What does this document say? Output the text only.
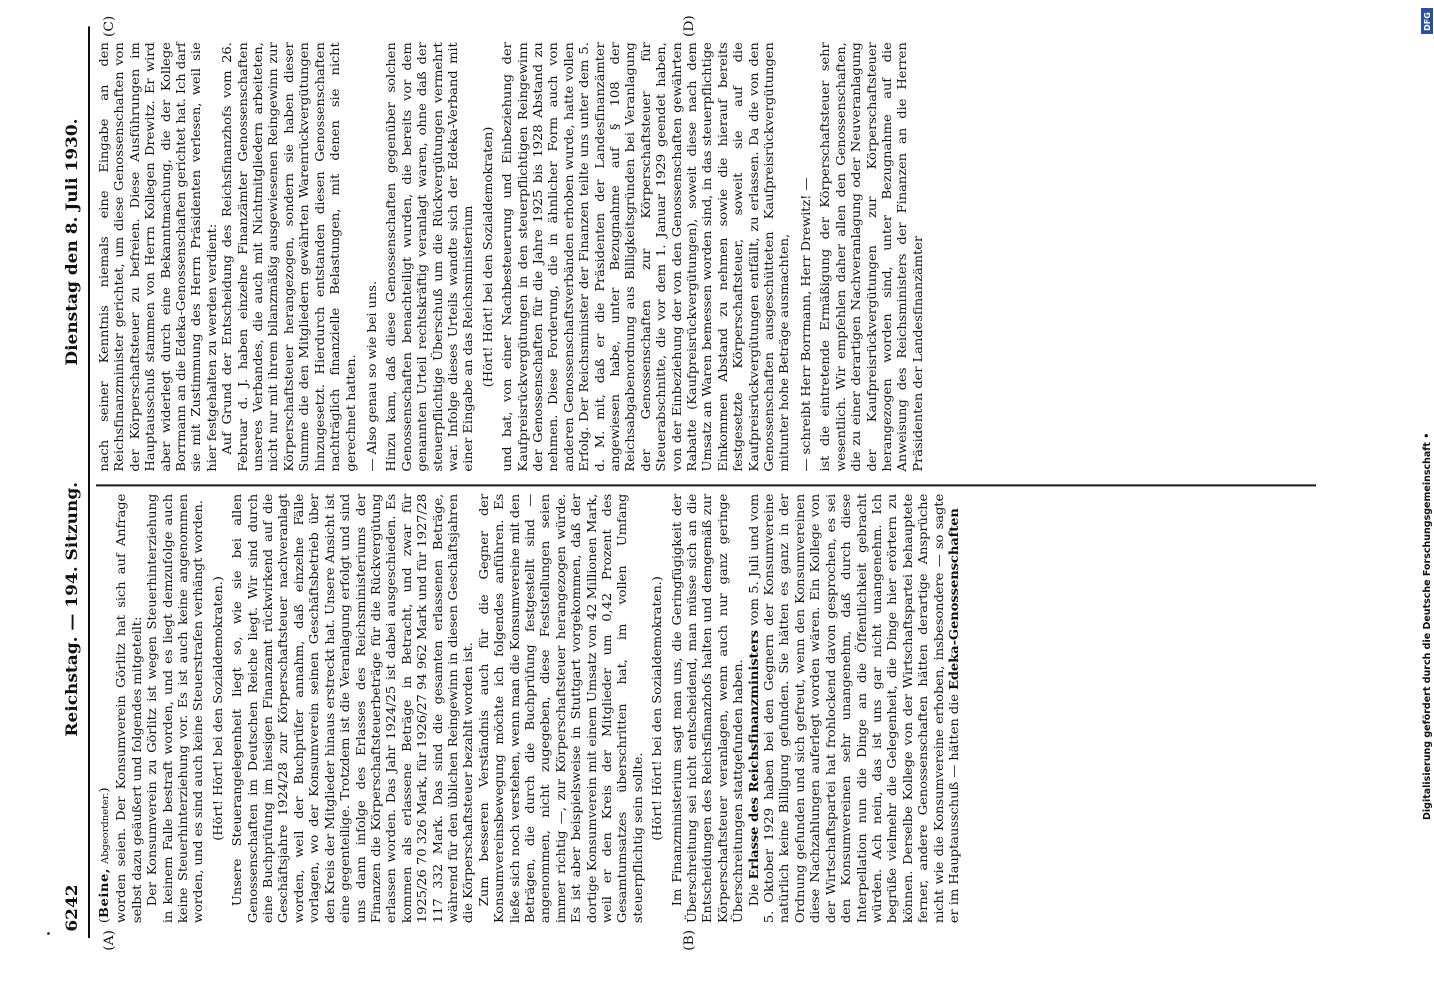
6242
Reichstag. — 194. Sitzung.
Dienstag den 8. Juli 1930.

(Beine, Abgeordneter.) worden seien. Der Konsumverein Görlitz hat sich auf Anfrage selbst dazu geäußert und folgendes mitgeteilt: Der Konsumverein zu Görlitz ist wegen Steuerhinterziehung in keinem Falle bestraft worden, und es liegt demzufolge auch keine Steuerhinterziehung vor. Es ist auch keine angenommen worden, und es sind auch keine Steuerstrafen verhängt worden. (Hört! Hört! bei den Sozialdemokraten.) Unsere Steuerangelegenheit liegt so, wie sie bei allen Genossenschaften im Deutschen Reiche liegt. Wir sind durch eine Buchprüfung im hiesigen Finanzamt rückwirkend auf die Geschäftsjahre 1924/28 zur Körperschaftsteuer nachveranlagt worden, weil der Buchprüfer annahm, daß einzelne Fälle vorlagen, wo der Konsumverein seinen Geschäftsbetrieb über den Kreis der Mitglieder hinaus erstreckt hat. Unsere Ansicht ist eine gegenteilige. Trotzdem ist die Veranlagung erfolgt und sind uns dann infolge des Erlasses des Reichsministeriums der Finanzen die Körperschaftsteuerbeträge für die Rückvergütung erlassen worden. Das Jahr 1924/25 ist dabei ausgeschieden. Es kommen als erlassene Beträge in Betracht, und zwar für 1925/26 70 326 Mark, für 1926/27 94 962 Mark und für 1927/28 117 332 Mark. Das sind die gesamten erlassenen Beträge, während für den üblichen Reingewinn in diesen Geschäftsjahren die Körperschaftsteuer bezahlt worden ist. Zum besseren Verständnis auch für die Gegner der Konsumvereinsbewegung möchte ich folgendes anführen. Es ließe sich noch verstehen, wenn man die Konsumvereine mit den Beträgen, die durch die Buchprüfung festgestellt sind — angenommen, nicht zugegeben, diese Feststellungen seien immer richtig —, zur Körperschaftsteuer herangezogen würde. Es ist aber beispielsweise in Stuttgart vorgekommen, daß der dortige Konsumverein mit einem Umsatz von 42 Millionen Mark, weil er den Kreis der Mitglieder um 0,42 Prozent des Gesamtumsatzes überschritten hat, im vollen Umfang steuerpflichtig sein sollte. (Hört! Hört! bei den Sozialdemokraten.) Im Finanzministerium sagt man uns, die Geringfügigkeit der Überschreitung sei nicht entscheidend, man müsse sich an die Entscheidungen des Reichsfinanzhofs halten und demgemäß zur Körperschaftsteuer veranlagen, wenn auch nur ganz geringe Überschreitungen stattgefunden haben. Die Erlasse des Reichsfinanzministers vom 5. Juli und vom 5. Oktober 1929 haben bei den Gegnern der Konsumvereine natürlich keine Billigung gefunden. Sie hätten es ganz in der Ordnung gefunden und sich gefreut, wenn den Konsumvereinen diese Nachzahlungen auferlegt worden wären. Ein Kollege von der Wirtschaftspartei hat frohlockend davon gesprochen, es sei den Konsumvereinen sehr unangenehm, daß durch diese Interpellation nun die Dinge an die Öffentlichkeit gebracht würden. Ach nein, das ist uns gar nicht unangenehm. Ich begrüße vielmehr die Gelegenheit, die Dinge hier erörtern zu können. Derselbe Kollege von der Wirtschaftspartei behauptete ferner, andere Genossenschaften hätten derartige Ansprüche nicht wie die Konsumvereine erhoben, insbesondere — so sagte er im Hauptausschuß — hätten die Edeka-Genossenschaften

nach seiner Kenntnis niemals eine Eingabe an den Reichsfinanzminister gerichtet, um diese Genossenschaften von der Körperschaftsteuer zu befreien. Diese Ausführungen im Hauptausschuß stammen von Herrn Kollegen Drewitz. Er wird aber widerlegt durch eine Bekanntmachung, die der Kollege Borrmann an die Edeka-Genossenschaften gerichtet hat. Ich darf sie mit Zustimmung des Herrn Präsidenten verlesen, weil sie hier festgehalten zu werden verdient: Auf Grund der Entscheidung des Reichsfinanzhofs vom 26. Februar d. J. haben einzelne Finanzämter Genossenschaften unseres Verbandes, die auch mit Nichtmitgliedern arbeiteten, nicht nur mit ihrem bilanzmäßig ausgewiesenen Reingewinn zur Körperschaftsteuer herangezogen, sondern sie haben dieser Summe die den Mitgliedern gewährten Warenrückvergütungen hinzugesetzt. Hierdurch entstanden diesen Genossenschaften nachträglich finanzielle Belastungen, mit denen sie nicht gerechnet hatten. — Also genau so wie bei uns. Hinzu kam, daß diese Genossenschaften gegenüber solchen Genossenschaften benachteiligt wurden, die bereits vor dem genannten Urteil rechtskräftig veranlagt waren, ohne daß der steuerpflichtige Überschuß um die Rückvergütungen vermehrt war. Infolge dieses Urteils wandte sich der Edeka-Verband mit einer Eingabe an das Reichsministerium (Hört! Hört! bei den Sozialdemokraten) und bat, von einer Nachbesteuerung und Einbeziehung der Kaufpreisrückvergütungen in den steuerpflichtigen Reingewinn der Genossenschaften für die Jahre 1925 bis 1928 Abstand zu nehmen. Diese Forderung, die in ähnlicher Form auch von anderen Genossenschaftsverbänden erhoben wurde, hatte vollen Erfolg. Der Reichsminister der Finanzen teilte uns unter dem 5. d. M. mit, daß er die Präsidenten der Landesfinanzämter angewiesen habe, unter Bezugnahme auf § 108 der Reichsabgabenordnung aus Billigkeitsgründen bei Veranlagung der Genossenschaften zur Körperschaftsteuer für Steuerabschnitte, die vor dem 1. Januar 1929 geendet haben, von der Einbeziehung der von den Genossenschaften gewährten Rabatte (Kaufpreisrückvergütungen), soweit diese nach dem Umsatz an Waren bemessen worden sind, in das steuerpflichtige Einkommen Abstand zu nehmen sowie die hierauf bereits festgesetzte Körperschaftsteuer, soweit sie auf die Kaufpreisrückvergütungen entfällt, zu erlassen. Da die von den Genossenschaften ausgeschütteten Kaufpreisrückvergütungen mitunter hohe Beträge ausmachten, — schreibt Herr Borrmann, Herr Drewitz! — ist die eintretende Ermäßigung der Körperschaftsteuer sehr wesentlich. Wir empfehlen daher allen den Genossenschaften, die zu einer derartigen Nachveranlagung oder Neuveranlagung der Kaufpreisrückvergütungen zur Körperschaftsteuer herangezogen worden sind, unter Bezugnahme auf die Anweisung des Reichsministers der Finanzen an die Herren Präsidenten der Landesfinanzämter

(A)	(B)
(C)	(D)	DFG
Digitalisierung gefördert durch die Deutsche Forschungsgemeinschaft •
